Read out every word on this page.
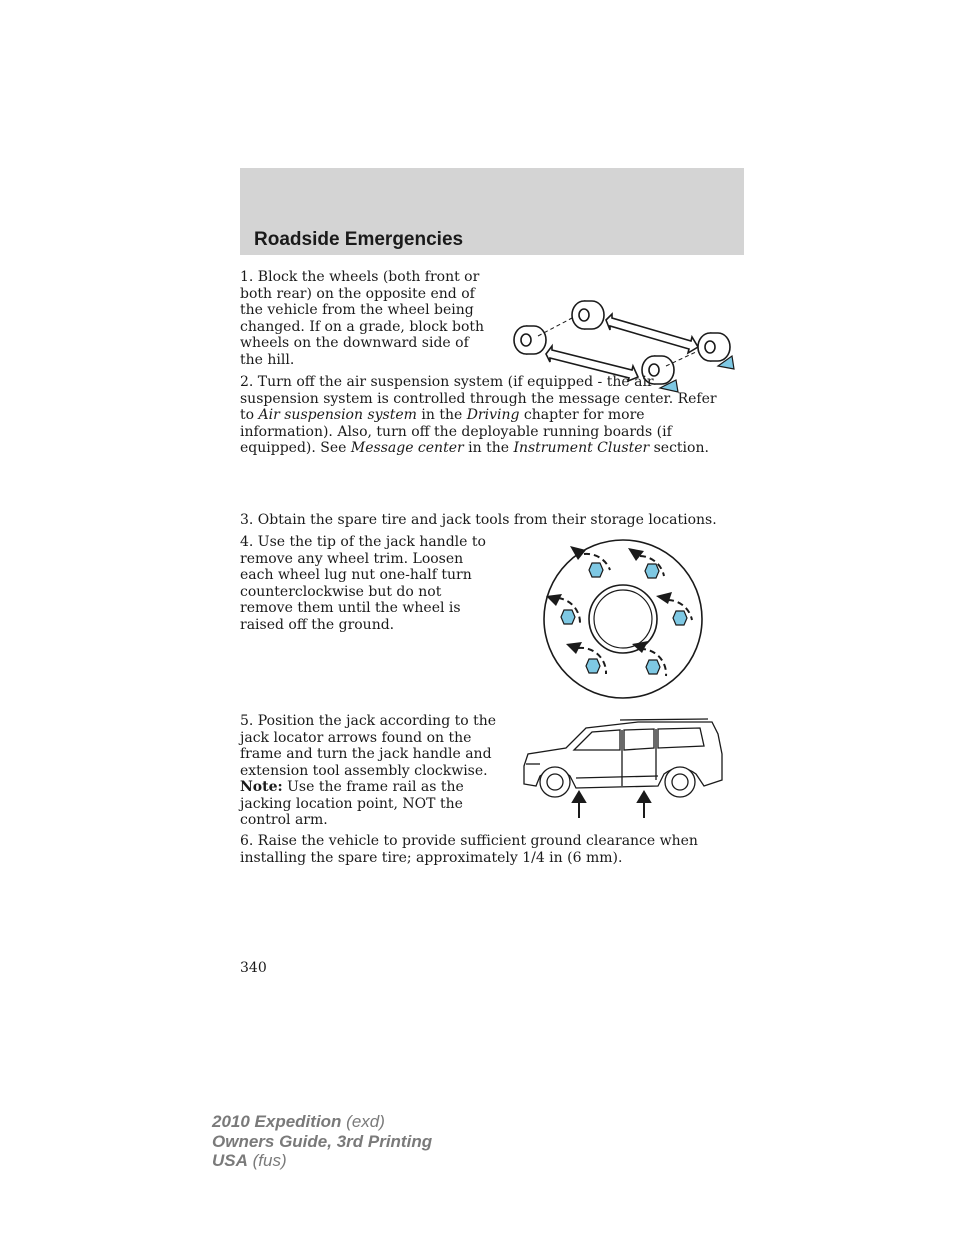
Roadside Emergencies

1. Block the wheels (both front or both rear) on the opposite end of the vehicle from the wheel being changed. If on a grade, block both wheels on the downward side of the hill.

2. Turn off the air suspension system (if equipped - the air suspension system is controlled through the message center. Refer to Air suspension system in the Driving chapter for more information). Also, turn off the deployable running boards (if equipped). See Message center in the Instrument Cluster section.

3. Obtain the spare tire and jack tools from their storage locations.

4. Use the tip of the jack handle to remove any wheel trim. Loosen each wheel lug nut one-half turn counterclockwise but do not remove them until the wheel is raised off the ground.

5. Position the jack according to the jack locator arrows found on the frame and turn the jack handle and extension tool assembly clockwise. Note: Use the frame rail as the jacking location point, NOT the control arm.

6. Raise the vehicle to provide sufficient ground clearance when installing the spare tire; approximately 1/4 in (6 mm).

340
2010 Expedition (exd)
Owners Guide, 3rd Printing
USA (fus)
